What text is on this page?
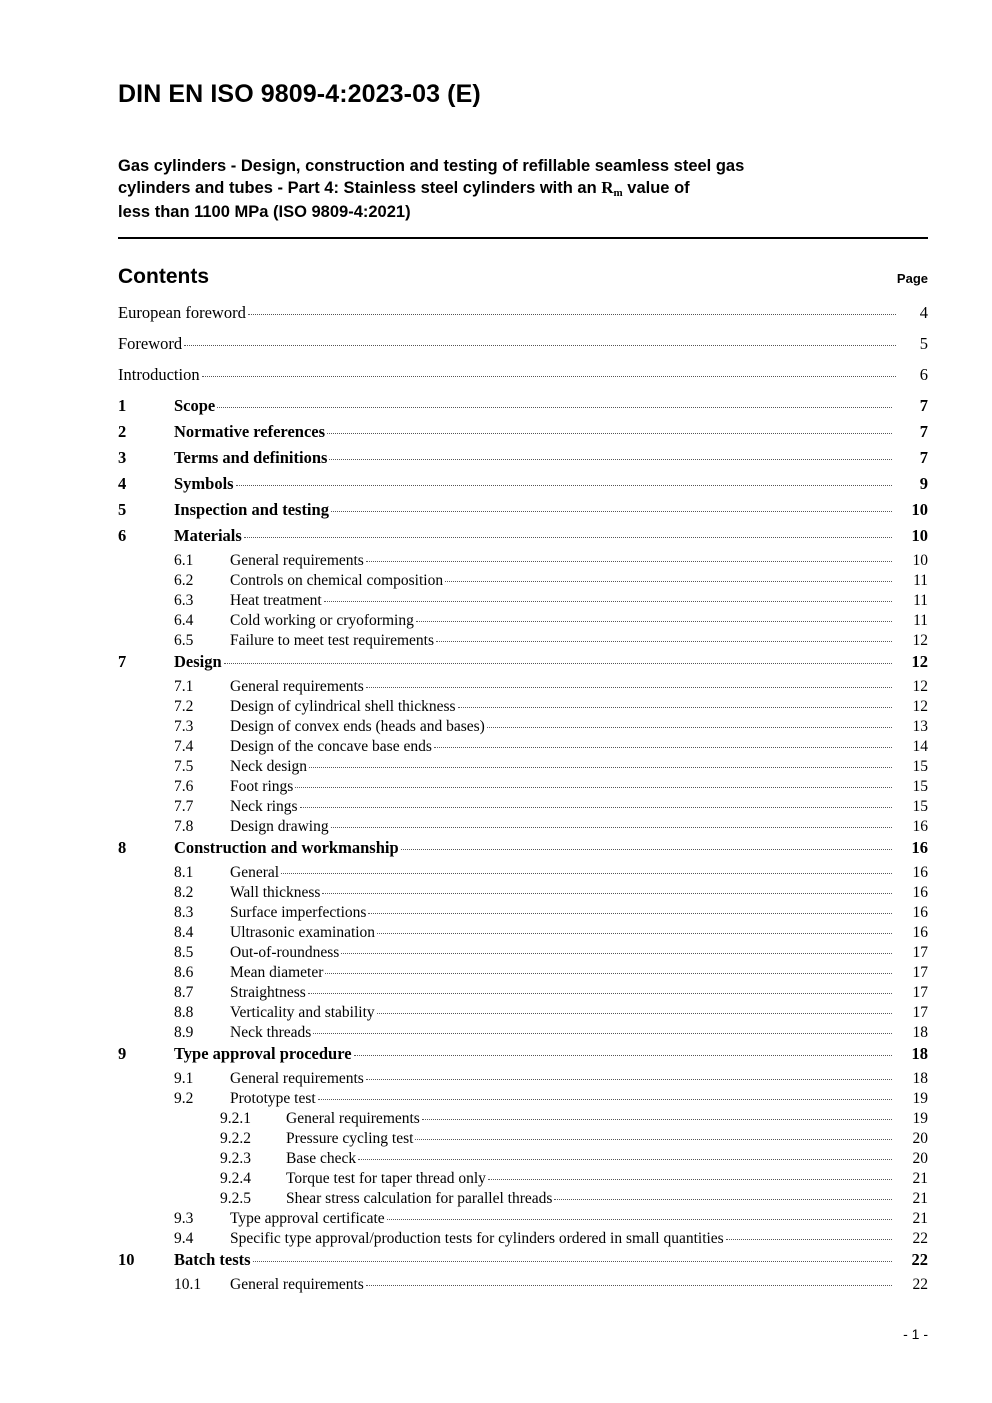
DIN EN ISO 9809-4:2023-03 (E)
Gas cylinders - Design, construction and testing of refillable seamless steel gas
cylinders and tubes - Part 4: Stainless steel cylinders with an $R_m$ value of
less than 1100 MPa (ISO 9809-4:2021)
Contents	Page
European foreword	4
Foreword	5
Introduction	6
1	Scope	7
2	Normative references	7
3	Terms and definitions	7
4	Symbols	9
5	Inspection and testing	10
6	Materials	10
6.1	General requirements	10
6.2	Controls on chemical composition	11
6.3	Heat treatment	11
6.4	Cold working or cryoforming	11
6.5	Failure to meet test requirements	12
7	Design	12
7.1	General requirements	12
7.2	Design of cylindrical shell thickness	12
7.3	Design of convex ends (heads and bases)	13
7.4	Design of the concave base ends	14
7.5	Neck design	15
7.6	Foot rings	15
7.7	Neck rings	15
7.8	Design drawing	16
8	Construction and workmanship	16
8.1	General	16
8.2	Wall thickness	16
8.3	Surface imperfections	16
8.4	Ultrasonic examination	16
8.5	Out-of-roundness	17
8.6	Mean diameter	17
8.7	Straightness	17
8.8	Verticality and stability	17
8.9	Neck threads	18
9	Type approval procedure	18
9.1	General requirements	18
9.2	Prototype test	19
9.2.1	General requirements	19
9.2.2	Pressure cycling test	20
9.2.3	Base check	20
9.2.4	Torque test for taper thread only	21
9.2.5	Shear stress calculation for parallel threads	21
9.3	Type approval certificate	21
9.4	Specific type approval/production tests for cylinders ordered in small quantities	22
10	Batch tests	22
10.1	General requirements	22
- 1 -
